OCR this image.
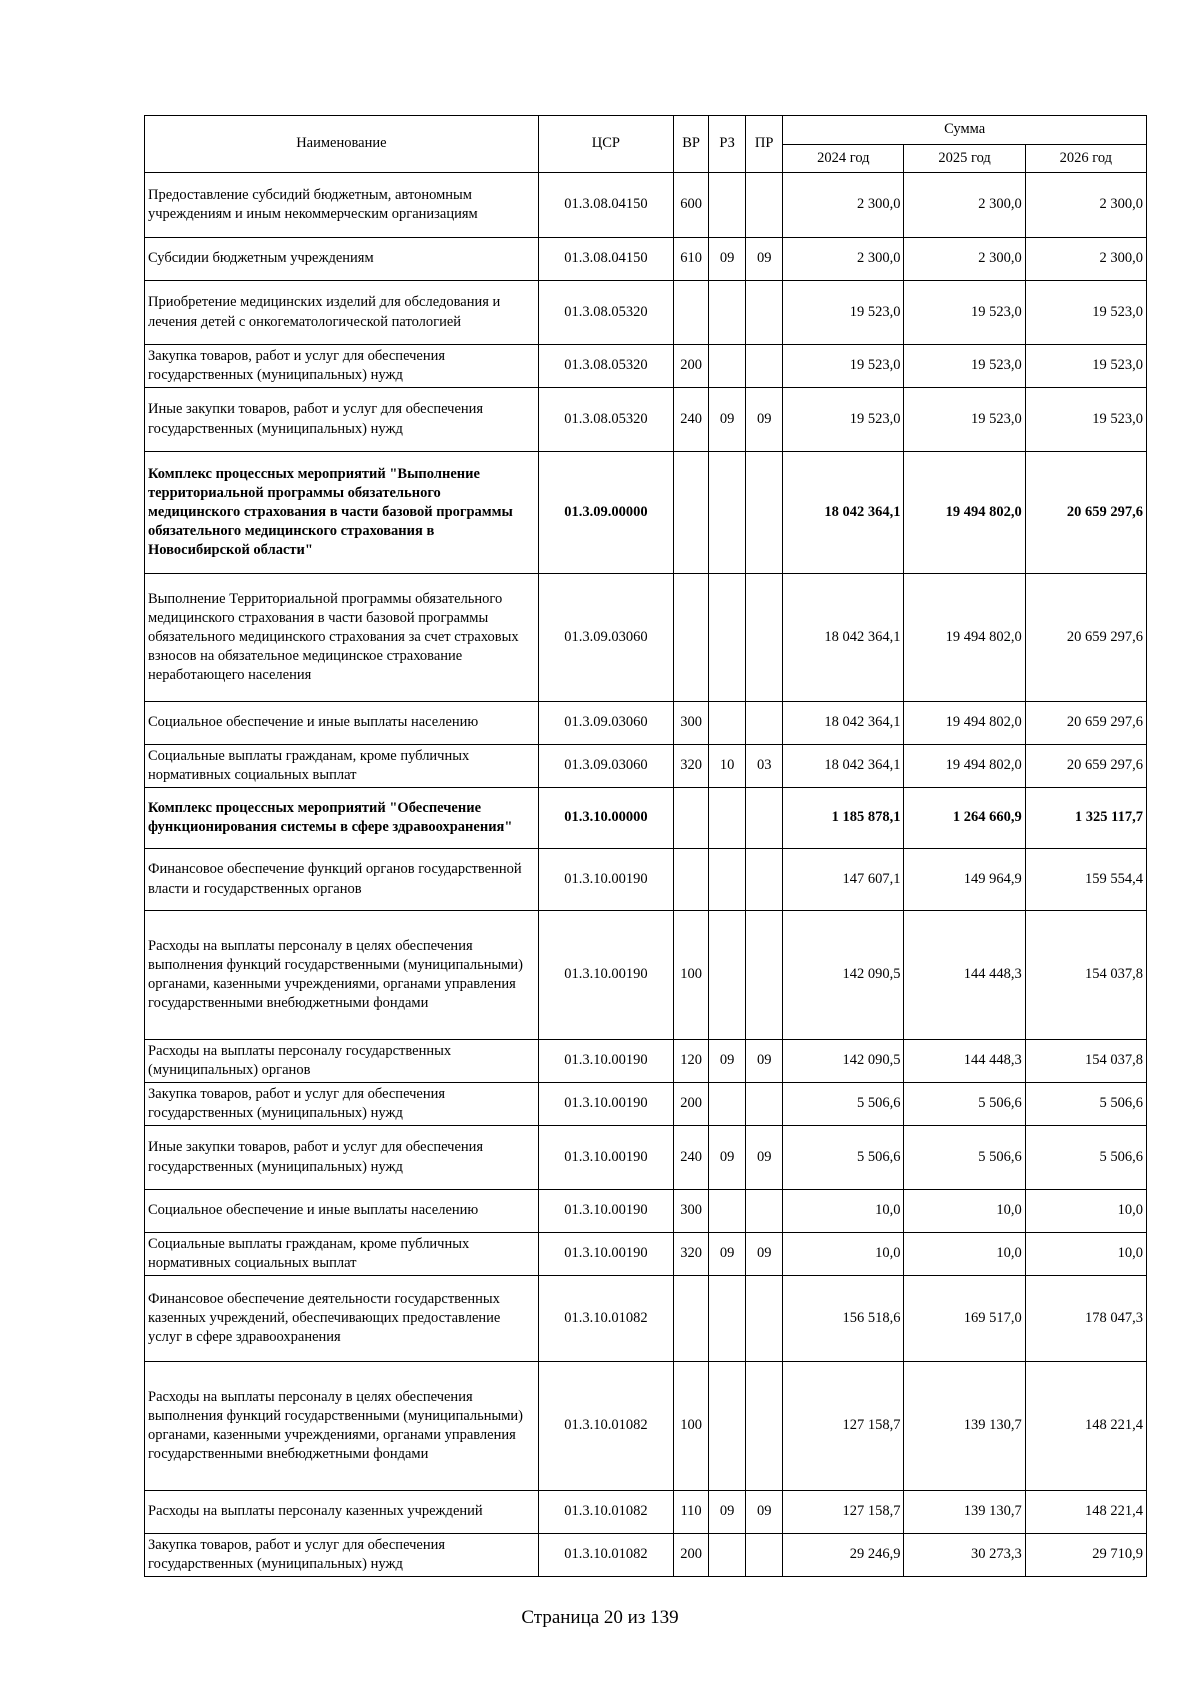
Наименование	ЦСР	ВР	РЗ	ПР	Сумма		
					2024 год	2025 год	2026 год
Предоставление субсидий бюджетным, автономным учреждениям и иным некоммерческим организациям	01.3.08.04150	600			2 300,0	2 300,0	2 300,0
Субсидии бюджетным учреждениям	01.3.08.04150	610	09	09	2 300,0	2 300,0	2 300,0
Приобретение медицинских изделий для обследования и лечения детей с онкогематологической патологией	01.3.08.05320				19 523,0	19 523,0	19 523,0
Закупка товаров, работ и услуг для обеспечения государственных (муниципальных) нужд	01.3.08.05320	200			19 523,0	19 523,0	19 523,0
Иные закупки товаров, работ и услуг для обеспечения государственных (муниципальных) нужд	01.3.08.05320	240	09	09	19 523,0	19 523,0	19 523,0
Комплекс процессных мероприятий "Выполнение территориальной программы обязательного медицинского страхования в части базовой программы обязательного медицинского страхования в Новосибирской области"	01.3.09.00000				18 042 364,1	19 494 802,0	20 659 297,6
Выполнение Территориальной программы обязательного медицинского страхования в части базовой программы обязательного медицинского страхования за счет страховых взносов на обязательное медицинское страхование неработающего населения	01.3.09.03060				18 042 364,1	19 494 802,0	20 659 297,6
Социальное обеспечение и иные выплаты населению	01.3.09.03060	300			18 042 364,1	19 494 802,0	20 659 297,6
Социальные выплаты гражданам, кроме публичных нормативных социальных выплат	01.3.09.03060	320	10	03	18 042 364,1	19 494 802,0	20 659 297,6
Комплекс процессных мероприятий "Обеспечение функционирования системы в сфере здравоохранения"	01.3.10.00000				1 185 878,1	1 264 660,9	1 325 117,7
Финансовое обеспечение функций органов государственной власти и государственных органов	01.3.10.00190				147 607,1	149 964,9	159 554,4
Расходы на выплаты персоналу в целях обеспечения выполнения функций государственными (муниципальными) органами, казенными учреждениями, органами управления государственными внебюджетными фондами	01.3.10.00190	100			142 090,5	144 448,3	154 037,8
Расходы на выплаты персоналу государственных (муниципальных) органов	01.3.10.00190	120	09	09	142 090,5	144 448,3	154 037,8
Закупка товаров, работ и услуг для обеспечения государственных (муниципальных) нужд	01.3.10.00190	200			5 506,6	5 506,6	5 506,6
Иные закупки товаров, работ и услуг для обеспечения государственных (муниципальных) нужд	01.3.10.00190	240	09	09	5 506,6	5 506,6	5 506,6
Социальное обеспечение и иные выплаты населению	01.3.10.00190	300			10,0	10,0	10,0
Социальные выплаты гражданам, кроме публичных нормативных социальных выплат	01.3.10.00190	320	09	09	10,0	10,0	10,0
Финансовое обеспечение деятельности государственных казенных учреждений, обеспечивающих предоставление услуг в сфере здравоохранения	01.3.10.01082				156 518,6	169 517,0	178 047,3
Расходы на выплаты персоналу в целях обеспечения выполнения функций государственными (муниципальными) органами, казенными учреждениями, органами управления государственными внебюджетными фондами	01.3.10.01082	100			127 158,7	139 130,7	148 221,4
Расходы на выплаты персоналу казенных учреждений	01.3.10.01082	110	09	09	127 158,7	139 130,7	148 221,4
Закупка товаров, работ и услуг для обеспечения государственных (муниципальных) нужд	01.3.10.01082	200			29 246,9	30 273,3	29 710,9
Страница 20 из 139
